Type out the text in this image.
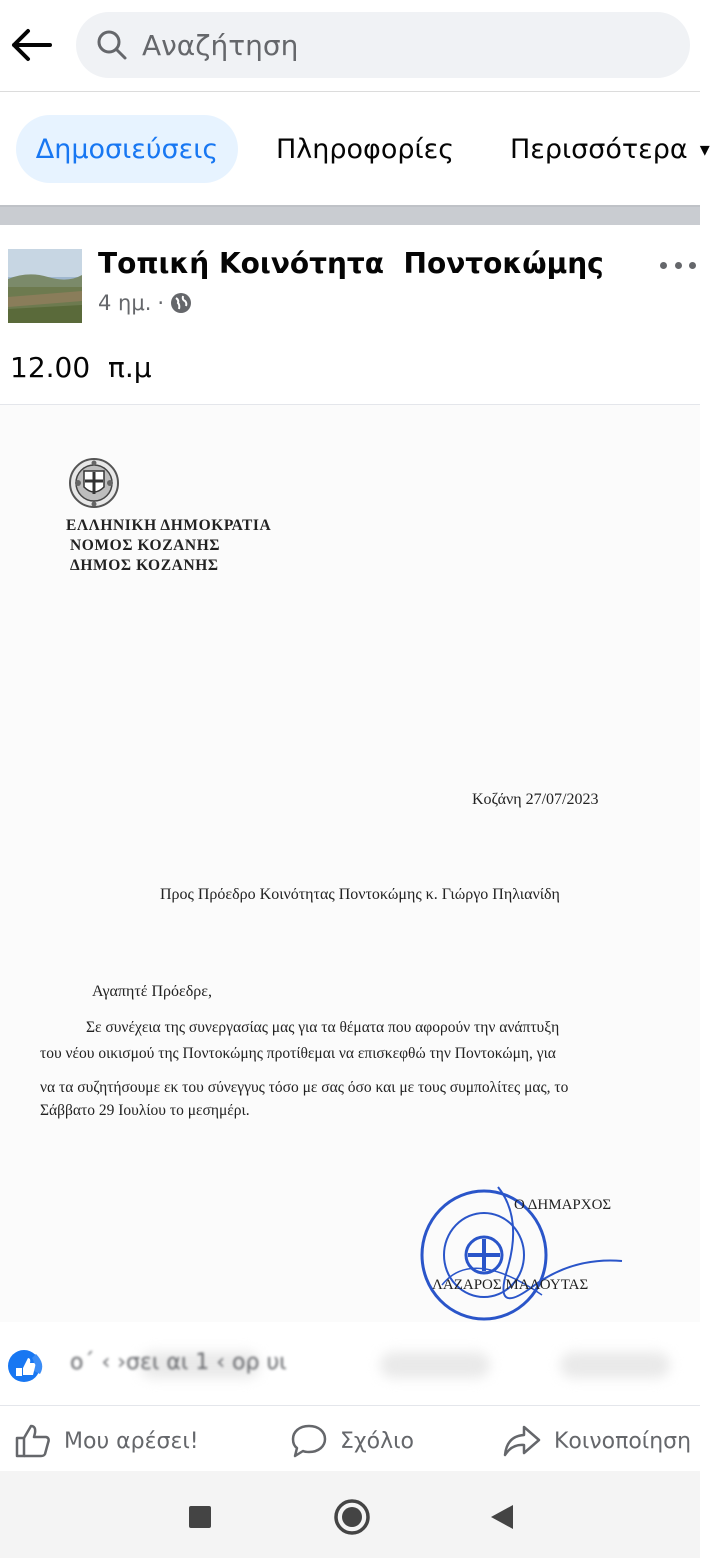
Αναζήτηση
Δημοσιεύσεις	Πληροφορίες Περισσότερα ▾
Τοπική Κοινότητα  Ποντοκώμης
4 ημ. ·
12.00  π.μ
ΕΛΛΗΝΙΚΗ ΔΗΜΟΚΡΑΤΙΑ
ΝΟΜΟΣ ΚΟΖΑΝΗΣ
ΔΗΜΟΣ ΚΟΖΑΝΗΣ
Κοζάνη 27/07/2023
Προς Πρόεδρο Κοινότητας Ποντοκώμης κ. Γιώργο Πηλιανίδη
Αγαπητέ Πρόεδρε,
Σε συνέχεια της συνεργασίας μας για τα θέματα που αφορούν την ανάπτυξη
του νέου οικισμού της Ποντοκώμης προτίθεμαι να επισκεφθώ την Ποντοκώμη, για
να τα συζητήσουμε εκ του σύνεγγυς τόσο με σας όσο και με τους συμπολίτες μας, το
Σάββατο 29 Ιουλίου το μεσημέρι.
Ο ΔΗΜΑΡΧΟΣ
ΛΑΖΑΡΟΣ ΜΑΛΟΥΤΑΣ
ο΄ ‹ ›σει αι 1 ‹ ορ υι
Μου αρέσει!	Σχόλιο	Κοινοποίηση
